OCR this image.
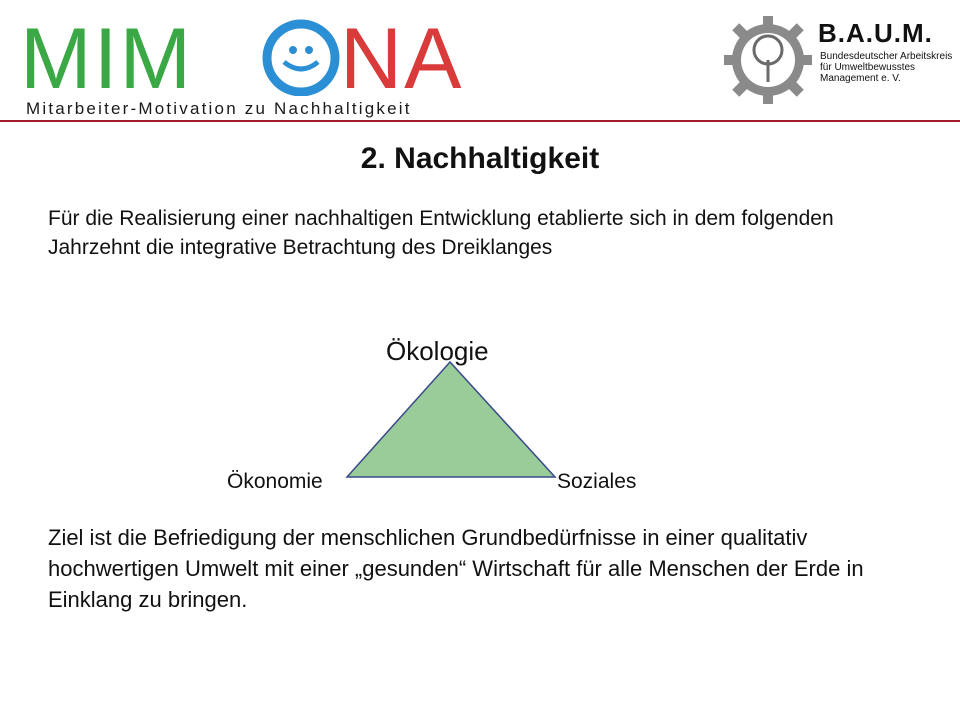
MIM NA
Mitarbeiter-Motivation zu Nachhaltigkeit
B.A.U.M.
Bundesdeutscher Arbeitskreis
für Umweltbewusstes
Management e. V.
2. Nachhaltigkeit
Für die Realisierung einer nachhaltigen Entwicklung etablierte sich in dem folgenden Jahrzehnt die integrative Betrachtung des Dreiklanges
Ökologie
Ökonomie	Soziales
Ziel ist die Befriedigung der menschlichen Grundbedürfnisse in einer qualitativ hochwertigen Umwelt mit einer „gesunden“ Wirtschaft für alle Menschen der Erde in Einklang zu bringen.
